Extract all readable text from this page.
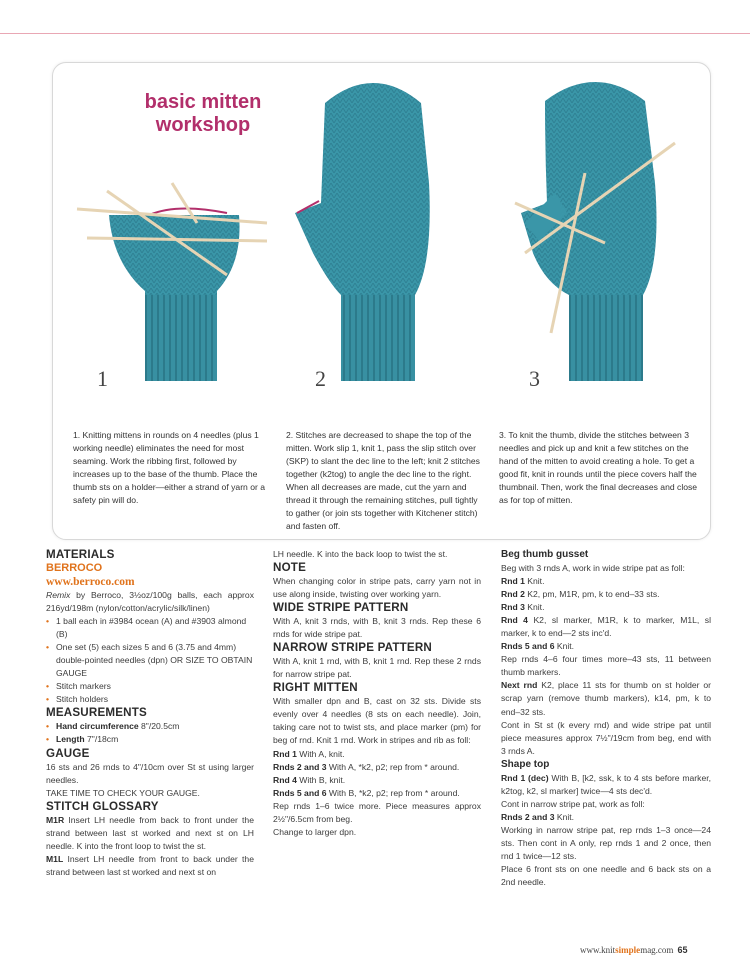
basic mitten
workshop
1	2	3
1. Knitting mittens in rounds on 4 needles (plus 1 working needle) eliminates the need for most seaming. Work the ribbing first, followed by increases up to the base of the thumb. Place the thumb sts on a holder—either a strand of yarn or a safety pin will do.
2. Stitches are decreased to shape the top of the mitten. Work slip 1, knit 1, pass the slip stitch over (SKP) to slant the dec line to the left; knit 2 stitches together (k2tog) to angle the dec line to the right. When all decreases are made, cut the yarn and thread it through the remaining stitches, pull tightly to gather (or join sts together with Kitchener stitch) and fasten off.
3. To knit the thumb, divide the stitches between 3 needles and pick up and knit a few stitches on the hand of the mitten to avoid creating a hole. To get a good fit, knit in rounds until the piece covers half the thumbnail. Then, work the final decreases and close as for top of mitten.
MATERIALS
BERROCO
www.berroco.com
Remix by Berroco, 3½oz/100g balls, each approx 216yd/198m (nylon/cotton/acrylic/silk/linen)
• 1 ball each in #3984 ocean (A) and #3903 almond (B)
• One set (5) each sizes 5 and 6 (3.75 and 4mm) double-pointed needles (dpn) OR SIZE TO OBTAIN GAUGE
• Stitch markers
• Stitch holders
MEASUREMENTS
• Hand circumference 8"/20.5cm
• Length 7"/18cm
GAUGE
16 sts and 26 rnds to 4"/10cm over St st using larger needles.
TAKE TIME TO CHECK YOUR GAUGE.
STITCH GLOSSARY
M1R Insert LH needle from back to front under the strand between last st worked and next st on LH needle. K into the front loop to twist the st.
M1L Insert LH needle from front to back under the strand between last st worked and next st on
LH needle. K into the back loop to twist the st.
NOTE
When changing color in stripe pats, carry yarn not in use along inside, twisting over working yarn.
WIDE STRIPE PATTERN
With A, knit 3 rnds, with B, knit 3 rnds. Rep these 6 rnds for wide stripe pat.
NARROW STRIPE PATTERN
With A, knit 1 rnd, with B, knit 1 rnd. Rep these 2 rnds for narrow stripe pat.
RIGHT MITTEN
With smaller dpn and B, cast on 32 sts. Divide sts evenly over 4 needles (8 sts on each needle). Join, taking care not to twist sts, and place marker (pm) for beg of rnd. Knit 1 rnd. Work in stripes and rib as foll:
Rnd 1 With A, knit.
Rnds 2 and 3 With A, *k2, p2; rep from * around.
Rnd 4 With B, knit.
Rnds 5 and 6 With B, *k2, p2; rep from * around.
Rep rnds 1–6 twice more. Piece measures approx 2½"/6.5cm from beg.
Change to larger dpn.
Beg thumb gusset
Beg with 3 rnds A, work in wide stripe pat as foll:
Rnd 1 Knit.
Rnd 2 K2, pm, M1R, pm, k to end–33 sts.
Rnd 3 Knit.
Rnd 4 K2, sl marker, M1R, k to marker, M1L, sl marker, k to end—2 sts inc'd.
Rnds 5 and 6 Knit.
Rep rnds 4–6 four times more–43 sts, 11 between thumb markers.
Next rnd K2, place 11 sts for thumb on st holder or scrap yarn (remove thumb markers), k14, pm, k to end–32 sts.
Cont in St st (k every rnd) and wide stripe pat until piece measures approx 7½"/19cm from beg, end with 3 rnds A.
Shape top
Rnd 1 (dec) With B, [k2, ssk, k to 4 sts before marker, k2tog, k2, sl marker] twice—4 sts dec'd.
Cont in narrow stripe pat, work as foll:
Rnds 2 and 3 Knit.
Working in narrow stripe pat, rep rnds 1–3 once—24 sts. Then cont in A only, rep rnds 1 and 2 once, then rnd 1 twice—12 sts.
Place 6 front sts on one needle and 6 back sts on a 2nd needle.
www.knitsimplemag.com 65
